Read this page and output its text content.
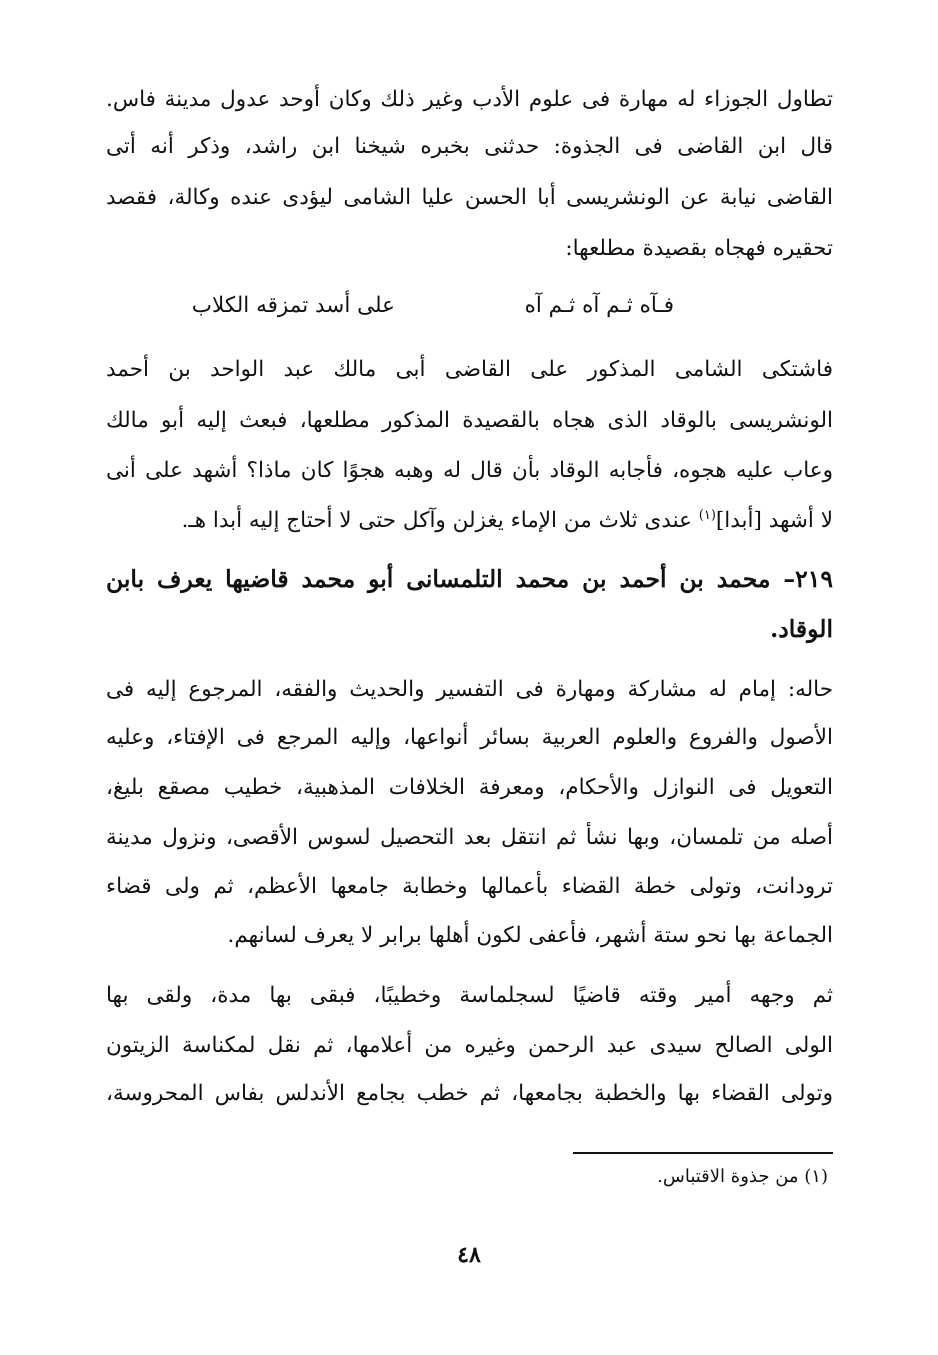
تطاول الجوزاء له مهارة فى علوم الأدب وغير ذلك وكان أوحد عدول مدينة فاس.
قال ابن القاضى فى الجذوة: حدثنى بخبره شيخنا ابن راشد، وذكر أنه أتى
القاضى نيابة عن الونشريسى أبا الحسن عليا الشامى ليؤدى عنده وكالة، فقصد
تحقيره فهجاه بقصيدة مطلعها:
فـآه ثـم آه ثـم آه
على أسد تمزقه الكلاب
فاشتكى الشامى المذكور على القاضى أبى مالك عبد الواحد بن أحمد
الونشريسى بالوقاد الذى هجاه بالقصيدة المذكور مطلعها، فبعث إليه أبو مالك
وعاب عليه هجوه، فأجابه الوقاد بأن قال له وهبه هجوًا كان ماذا؟ أشهد على أنى
لا أشهد [أبدا]$^{(١)}$ عندى ثلاث من الإماء يغزلن وآكل حتى لا أحتاج إليه أبدا هـ.
٢١٩– محمد بن أحمد بن محمد التلمسانى أبو محمد قاضيها يعرف بابن
الوقاد.
حاله: إمام له مشاركة ومهارة فى التفسير والحديث والفقه، المرجوع إليه فى
الأصول والفروع والعلوم العربية بسائر أنواعها، وإليه المرجع فى الإفتاء، وعليه
التعويل فى النوازل والأحكام، ومعرفة الخلافات المذهبية، خطيب مصقع بليغ،
أصله من تلمسان، وبها نشأ ثم انتقل بعد التحصيل لسوس الأقصى، ونزول مدينة
ترودانت، وتولى خطة القضاء بأعمالها وخطابة جامعها الأعظم، ثم ولى قضاء
الجماعة بها نحو ستة أشهر، فأعفى لكون أهلها برابر لا يعرف لسانهم.
ثم وجهه أمير وقته قاضيًا لسجلماسة وخطيبًا، فبقى بها مدة، ولقى بها
الولى الصالح سيدى عبد الرحمن وغيره من أعلامها، ثم نقل لمكناسة الزيتون
وتولى القضاء بها والخطبة بجامعها، ثم خطب بجامع الأندلس بفاس المحروسة،
(١) من جذوة الاقتباس.
٤٨
